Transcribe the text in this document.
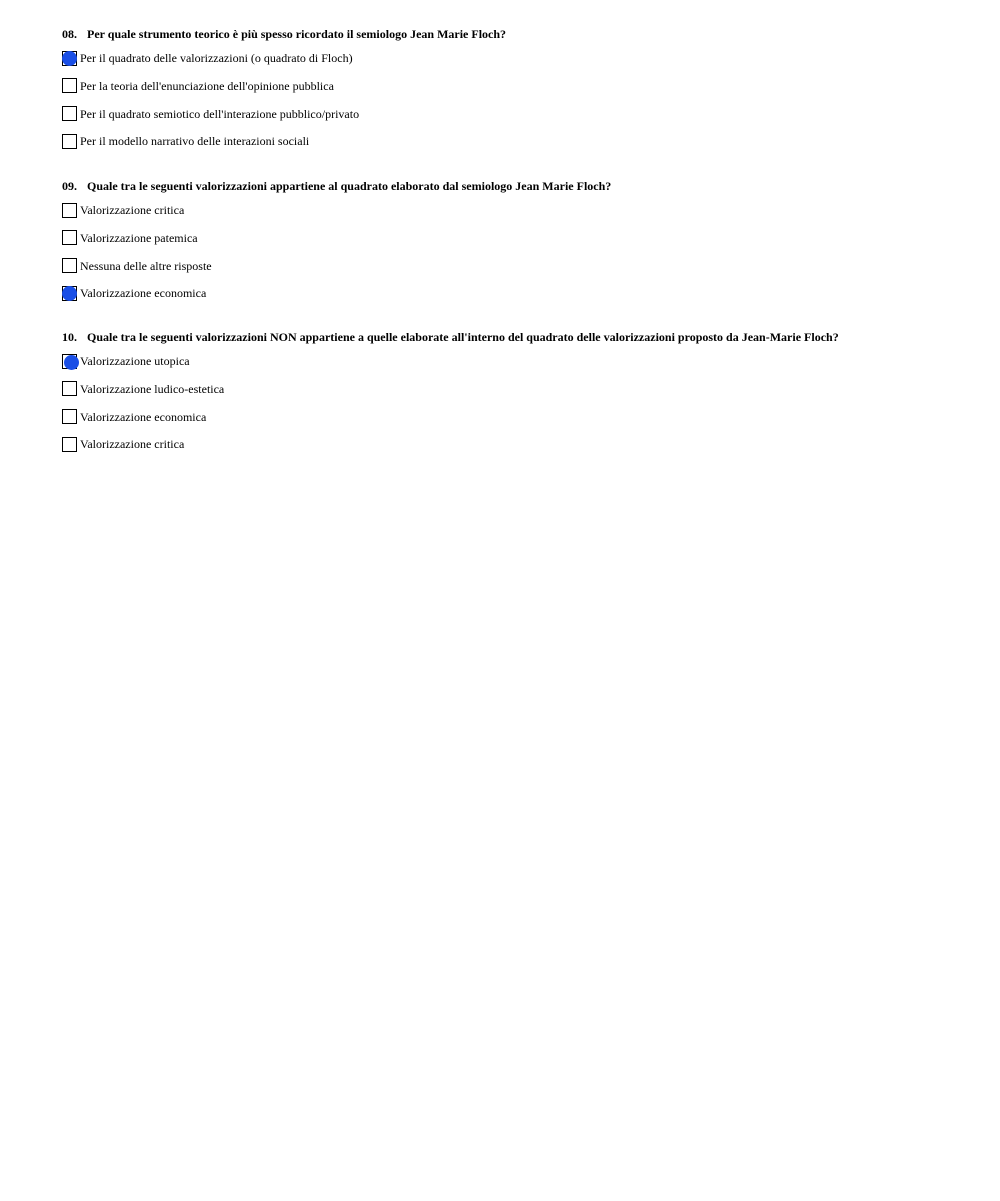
08. Per quale strumento teorico è più spesso ricordato il semiologo Jean Marie Floch?
Per il quadrato delle valorizzazioni (o quadrato di Floch)
Per la teoria dell'enunciazione dell'opinione pubblica
Per il quadrato semiotico dell'interazione pubblico/privato
Per il modello narrativo delle interazioni sociali
09. Quale tra le seguenti valorizzazioni appartiene al quadrato elaborato dal semiologo Jean Marie Floch?
Valorizzazione critica
Valorizzazione patemica
Nessuna delle altre risposte
Valorizzazione economica
10. Quale tra le seguenti valorizzazioni NON appartiene a quelle elaborate all'interno del quadrato delle valorizzazioni proposto da Jean-Marie Floch?
Valorizzazione utopica
Valorizzazione ludico-estetica
Valorizzazione economica
Valorizzazione critica
